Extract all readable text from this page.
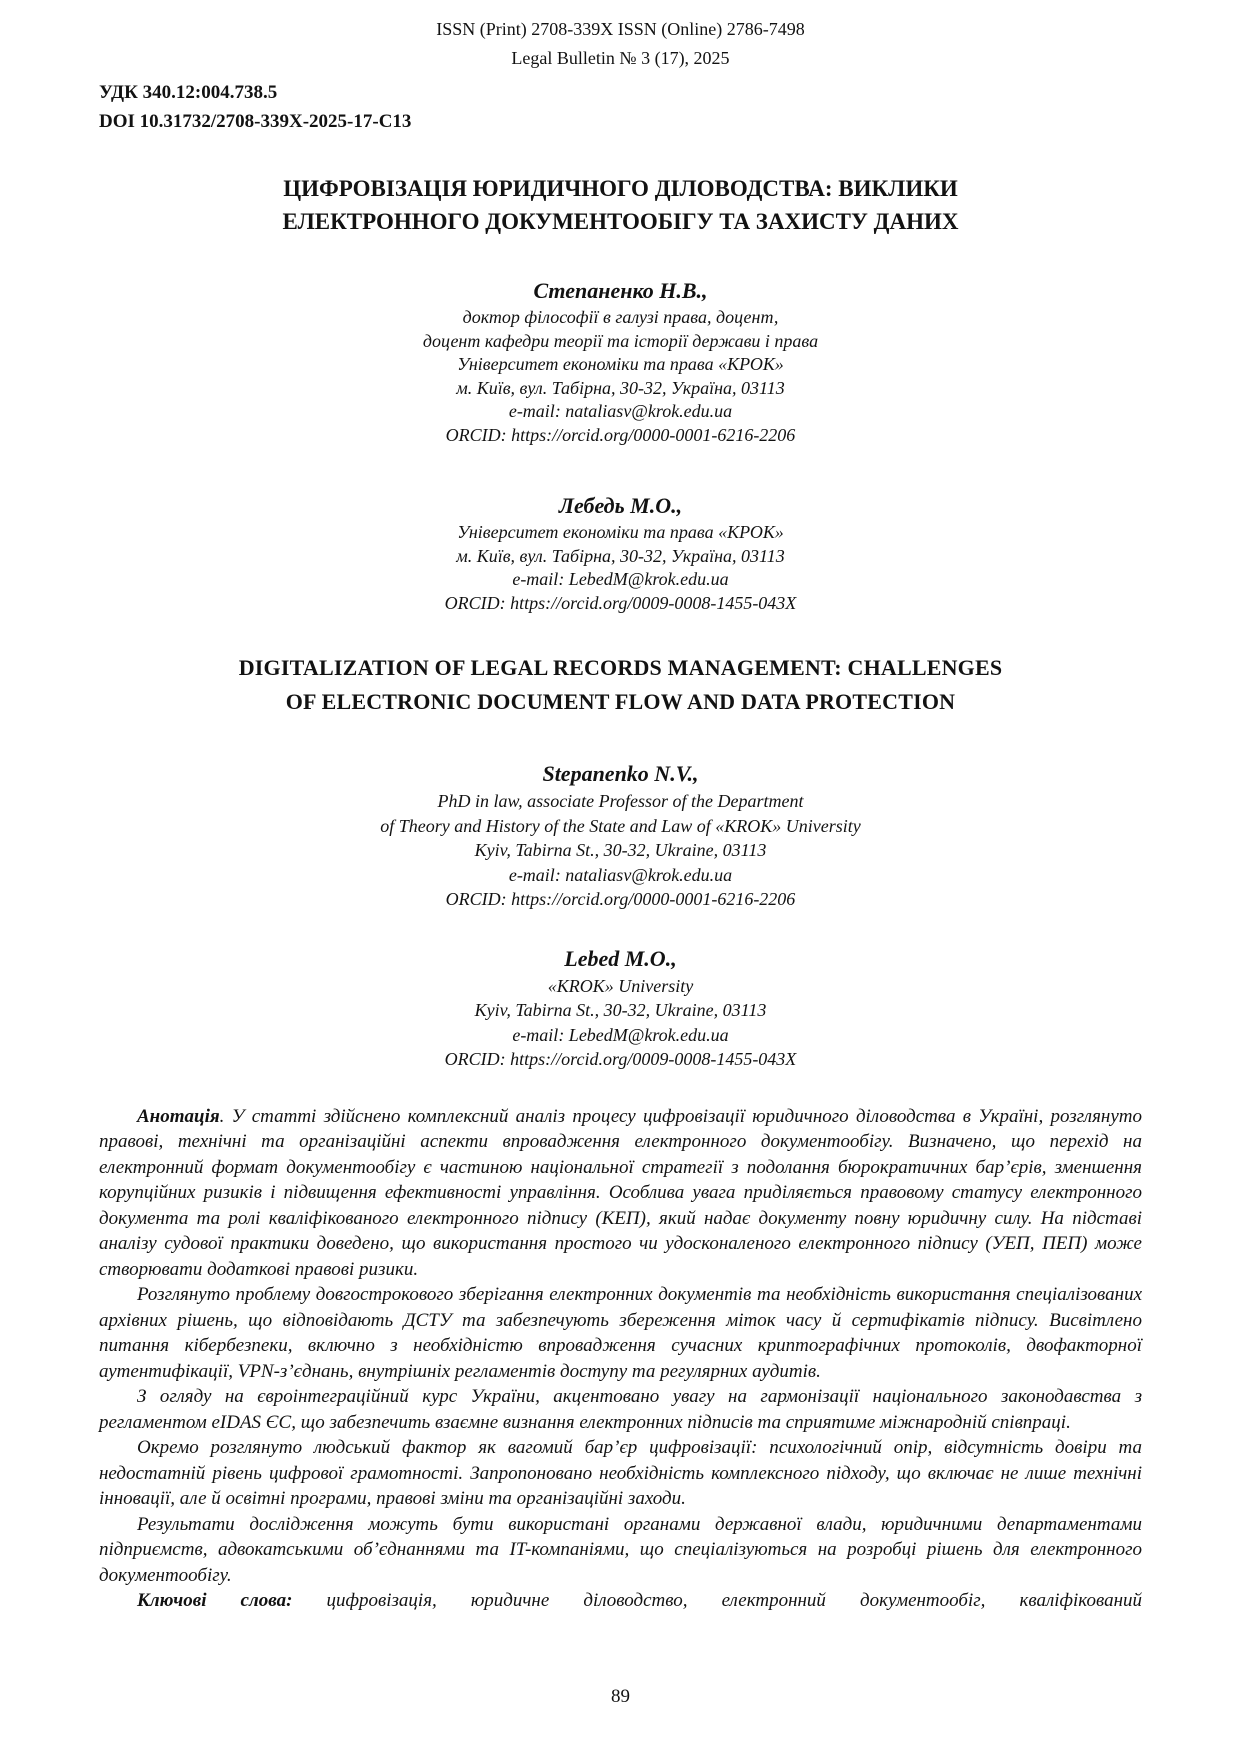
ISSN (Print) 2708-339X ISSN (Online) 2786-7498
Legal Bulletin № 3 (17), 2025
УДК 340.12:004.738.5
DOI 10.31732/2708-339X-2025-17-C13
ЦИФРОВІЗАЦІЯ ЮРИДИЧНОГО ДІЛОВОДСТВА: ВИКЛИКИ
ЕЛЕКТРОННОГО ДОКУМЕНТООБІГУ ТА ЗАХИСТУ ДАНИХ
Степаненко Н.В.,
доктор філософії в галузі права, доцент,
доцент кафедри теорії та історії держави і права
Університет економіки та права «КРОК»
м. Київ, вул. Табірна, 30-32, Україна, 03113
e-mail: nataliasv@krok.edu.ua
ORCID: https://orcid.org/0000-0001-6216-2206
Лебедь М.О.,
Університет економіки та права «КРОК»
м. Київ, вул. Табірна, 30-32, Україна, 03113
e-mail: LebedM@krok.edu.ua
ORCID: https://orcid.org/0009-0008-1455-043X
DIGITALIZATION OF LEGAL RECORDS MANAGEMENT: CHALLENGES
OF ELECTRONIC DOCUMENT FLOW AND DATA PROTECTION
Stepanenko N.V.,
PhD in law, associate Professor of the Department
of Theory and History of the State and Law of «KROK» University
Kyiv, Tabirna St., 30-32, Ukraine, 03113
e-mail: nataliasv@krok.edu.ua
ORCID: https://orcid.org/0000-0001-6216-2206
Lebed M.O.,
«KROK» University
Kyiv, Tabirna St., 30-32, Ukraine, 03113
e-mail: LebedM@krok.edu.ua
ORCID: https://orcid.org/0009-0008-1455-043X

Анотація. У статті здійснено комплексний аналіз процесу цифровізації юридичного діловодства в Україні, розглянуто правові, технічні та організаційні аспекти впровадження електронного документообігу. Визначено, що перехід на електронний формат документообігу є частиною національної стратегії з подолання бюрократичних бар’єрів, зменшення корупційних ризиків і підвищення ефективності управління. Особлива увага приділяється правовому статусу електронного документа та ролі кваліфікованого електронного підпису (КЕП), який надає документу повну юридичну силу. На підставі аналізу судової практики доведено, що використання простого чи удосконаленого електронного підпису (УЕП, ПЕП) може створювати додаткові правові ризики.

Розглянуто проблему довгострокового зберігання електронних документів та необхідність використання спеціалізованих архівних рішень, що відповідають ДСТУ та забезпечують збереження міток часу й сертифікатів підпису. Висвітлено питання кібербезпеки, включно з необхідністю впровадження сучасних криптографічних протоколів, двофакторної аутентифікації, VPN-з’єднань, внутрішніх регламентів доступу та регулярних аудитів.

З огляду на євроінтеграційний курс України, акцентовано увагу на гармонізації національного законодавства з регламентом eIDAS ЄС, що забезпечить взаємне визнання електронних підписів та сприятиме міжнародній співпраці.

Окремо розглянуто людський фактор як вагомий бар’єр цифровізації: психологічний опір, відсутність довіри та недостатній рівень цифрової грамотності. Запропоновано необхідність комплексного підходу, що включає не лише технічні інновації, але й освітні програми, правові зміни та організаційні заходи.

Результати дослідження можуть бути використані органами державної влади, юридичними департаментами підприємств, адвокатськими об’єднаннями та IT-компаніями, що спеціалізуються на розробці рішень для електронного документообігу.

Ключові слова: цифровізація, юридичне діловодство, електронний документообіг, кваліфікований

89
